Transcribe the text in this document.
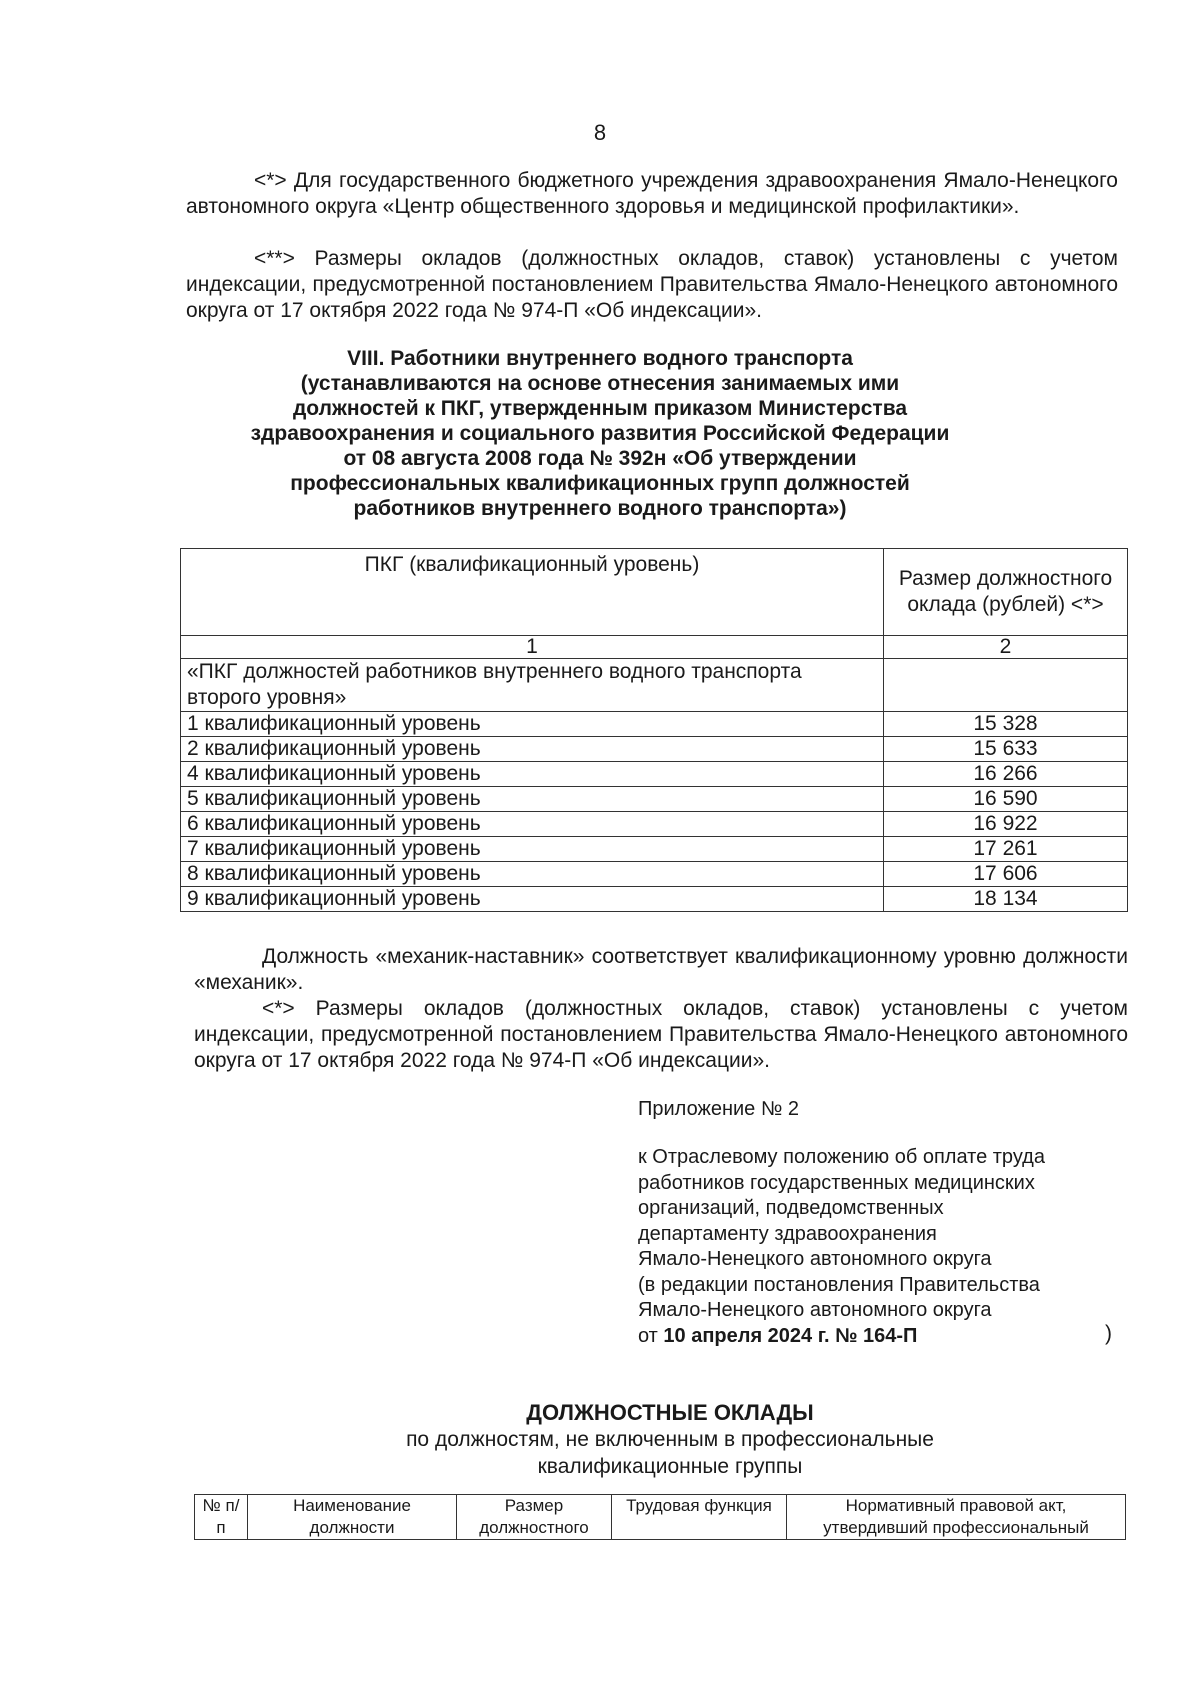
8

<*> Для государственного бюджетного учреждения здравоохранения Ямало-Ненецкого автономного округа «Центр общественного здоровья и медицинской профилактики».

<**> Размеры окладов (должностных окладов, ставок) установлены с учетом индексации, предусмотренной постановлением Правительства Ямало-Ненецкого автономного округа от 17 октября 2022 года № 974-П «Об индексации».

VIII. Работники внутреннего водного транспорта
(устанавливаются на основе отнесения занимаемых ими
должностей к ПКГ, утвержденным приказом Министерства
здравоохранения и социального развития Российской Федерации
от 08 августа 2008 года № 392н «Об утверждении
профессиональных квалификационных групп должностей
работников внутреннего водного транспорта»)
ПКГ (квалификационный уровень)	Размер должностного оклада (рублей) <*>
1	2
«ПКГ должностей работников внутреннего водного транспорта второго уровня»	
1 квалификационный уровень	15 328
2 квалификационный уровень	15 633
4 квалификационный уровень	16 266
5 квалификационный уровень	16 590
6 квалификационный уровень	16 922
7 квалификационный уровень	17 261
8 квалификационный уровень	17 606
9 квалификационный уровень	18 134

Должность «механик-наставник» соответствует квалификационному уровню должности «механик».

<*> Размеры окладов (должностных окладов, ставок) установлены с учетом индексации, предусмотренной постановлением Правительства Ямало-Ненецкого автономного округа от 17 октября 2022 года № 974-П «Об индексации».

Приложение № 2
к Отраслевому положению об оплате труда
работников государственных медицинских
организаций, подведомственных
департаменту здравоохранения
Ямало-Ненецкого автономного округа
(в редакции постановления Правительства
Ямало-Ненецкого автономного округа
от 10 апреля 2024 г. № 164-П	)
ДОЛЖНОСТНЫЕ ОКЛАДЫ
по должностям, не включенным в профессиональные
квалификационные группы
№ п/п	Наименование должности	Размер должностного	Трудовая функция	Нормативный правовой акт, утвердивший профессиональный
